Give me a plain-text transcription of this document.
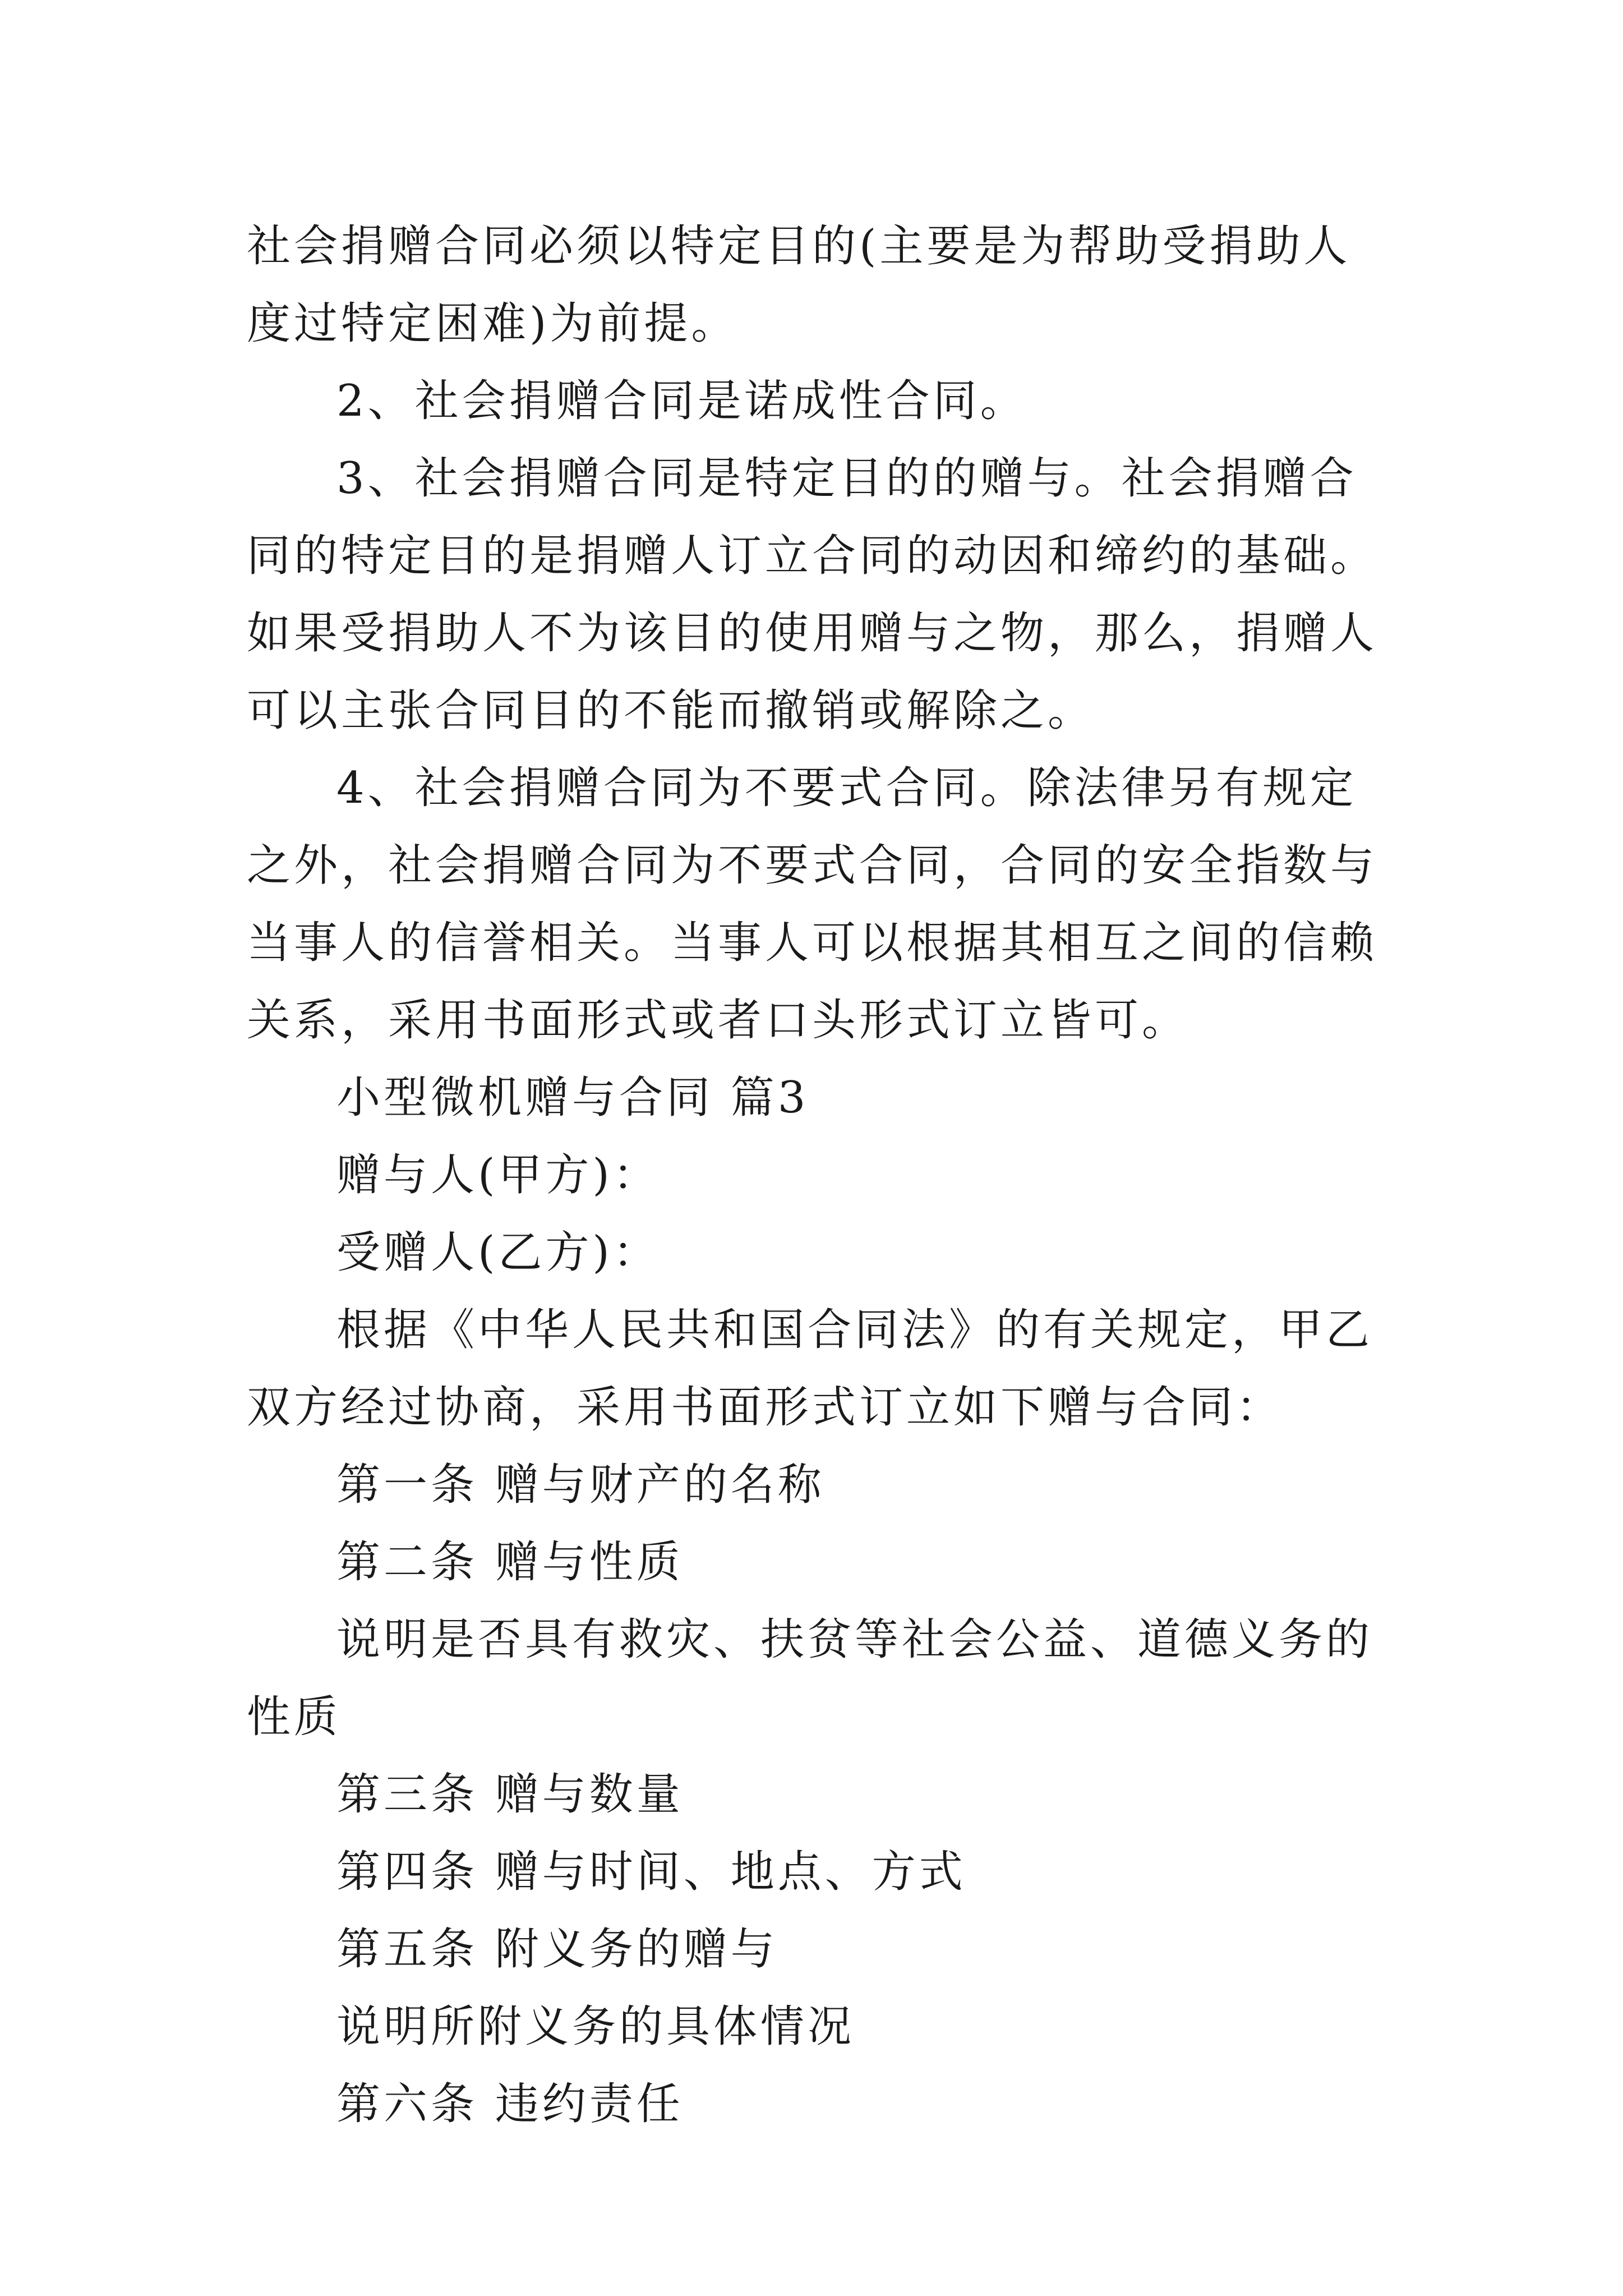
社会捐赠合同必须以特定目的(主要是为帮助受捐助人度过特定困难)为前提。

2、社会捐赠合同是诺成性合同。

3、社会捐赠合同是特定目的的赠与。社会捐赠合同的特定目的是捐赠人订立合同的动因和缔约的基础。如果受捐助人不为该目的使用赠与之物，那么，捐赠人可以主张合同目的不能而撤销或解除之。

4、社会捐赠合同为不要式合同。除法律另有规定之外，社会捐赠合同为不要式合同，合同的安全指数与当事人的信誉相关。当事人可以根据其相互之间的信赖关系，采用书面形式或者口头形式订立皆可。

小型微机赠与合同 篇3

赠与人(甲方)：

受赠人(乙方)：

根据《中华人民共和国合同法》的有关规定，甲乙双方经过协商，采用书面形式订立如下赠与合同：

第一条 赠与财产的名称

第二条 赠与性质

说明是否具有救灾、扶贫等社会公益、道德义务的性质

第三条 赠与数量

第四条 赠与时间、地点、方式

第五条 附义务的赠与

说明所附义务的具体情况

第六条 违约责任
